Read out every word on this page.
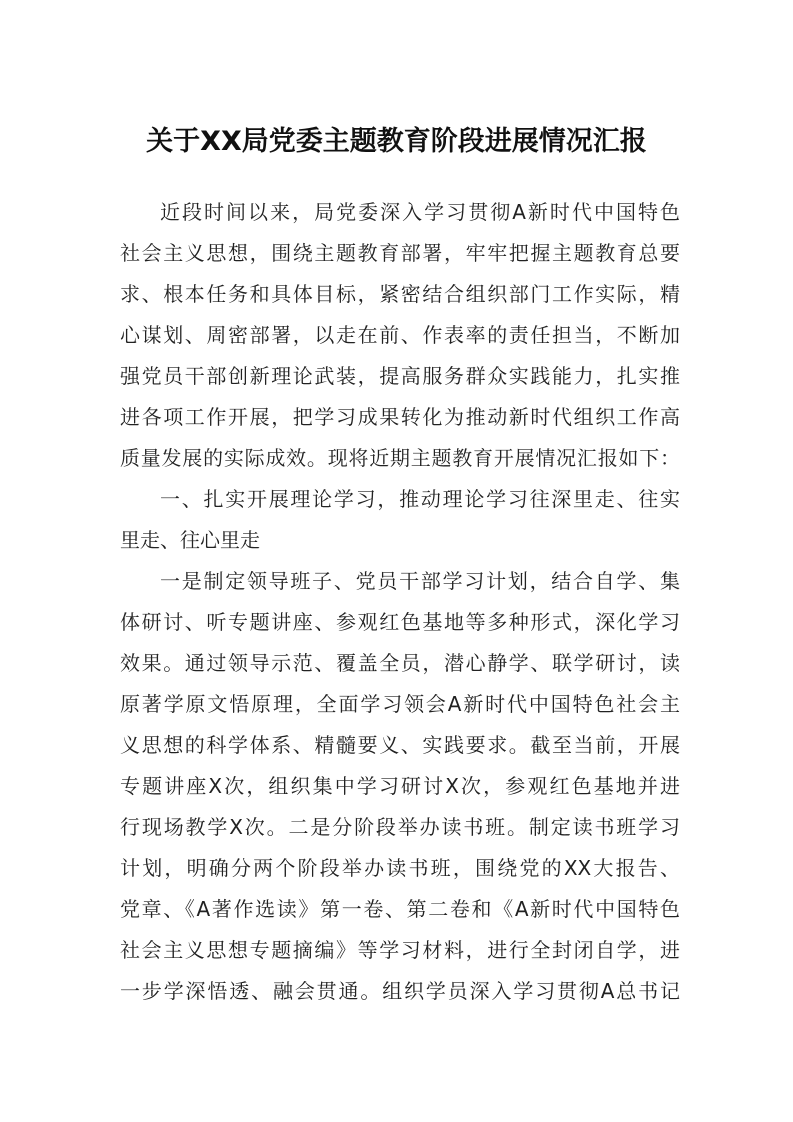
关于XX局党委主题教育阶段进展情况汇报
近段时间以来，局党委深入学习贯彻A新时代中国特色
社会主义思想，围绕主题教育部署，牢牢把握主题教育总要
求、根本任务和具体目标，紧密结合组织部门工作实际，精
心谋划、周密部署，以走在前、作表率的责任担当，不断加
强党员干部创新理论武装，提高服务群众实践能力，扎实推
进各项工作开展，把学习成果转化为推动新时代组织工作高
质量发展的实际成效。现将近期主题教育开展情况汇报如下：
一、扎实开展理论学习，推动理论学习往深里走、往实
里走、往心里走
一是制定领导班子、党员干部学习计划，结合自学、集
体研讨、听专题讲座、参观红色基地等多种形式，深化学习
效果。通过领导示范、覆盖全员，潜心静学、联学研讨，读
原著学原文悟原理，全面学习领会A新时代中国特色社会主
义思想的科学体系、精髓要义、实践要求。截至当前，开展
专题讲座X次，组织集中学习研讨X次，参观红色基地并进
行现场教学X次。二是分阶段举办读书班。制定读书班学习
计划，明确分两个阶段举办读书班，围绕党的XX大报告、
党章、《A著作选读》第一卷、第二卷和《A新时代中国特色
社会主义思想专题摘编》等学习材料，进行全封闭自学，进
一步学深悟透、融会贯通。组织学员深入学习贯彻A总书记
